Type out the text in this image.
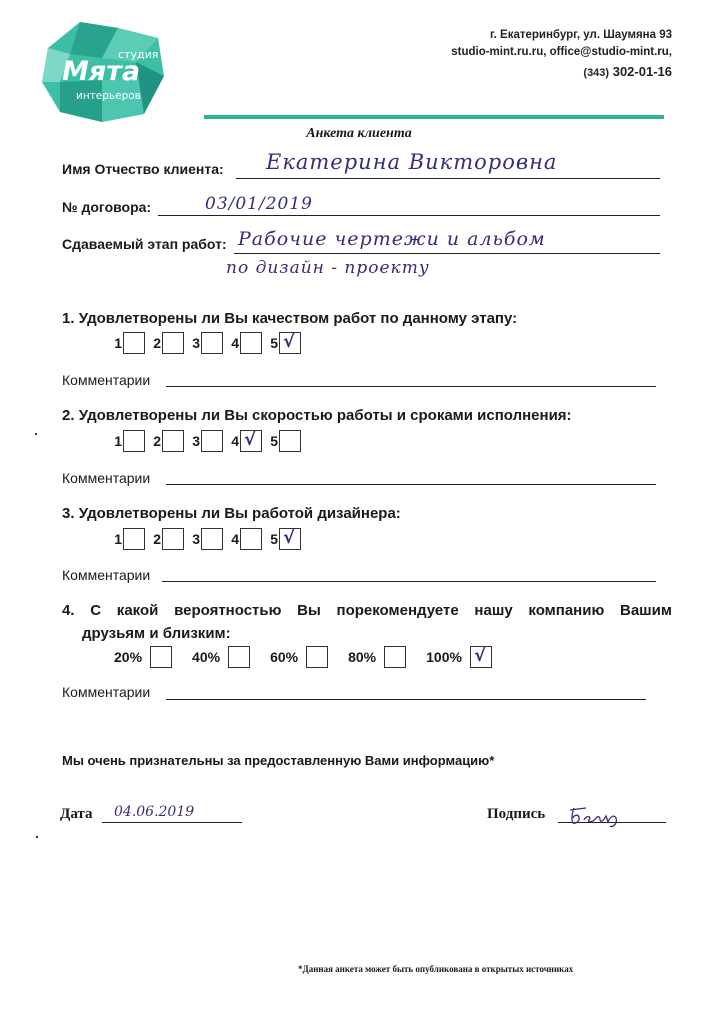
студия
Мята
интерьеров
г. Екатеринбург, ул. Шаумяна 93
studio-mint.ru.ru, office@studio-mint.ru,
(343) 302-01-16
Анкета клиента
Имя Отчество клиента: Екатерина Викторовна
№ договора:	03/01/2019
Сдаваемый этап работ: Рабочие чертежи и альбом
по дизайн - проекту
1. Удовлетворены ли Вы качеством работ по данному этапу:
1 2 3 4 5 √
Комментарии
2. Удовлетворены ли Вы скоростью работы и сроками исполнения:
1 2 3 4 √ 5
Комментарии
3. Удовлетворены ли Вы работой дизайнера:
1 2 3 4 5 √
Комментарии
4. С какой вероятностью Вы порекомендуете нашу компанию Вашим
друзьям и близким:
20%	40%	60%	80%	100% √
Комментарии
Мы очень признательны за предоставленную Вами информацию*
Дата 04.06.2019	Подпись
*Данная анкета может быть опубликована в открытых источниках
